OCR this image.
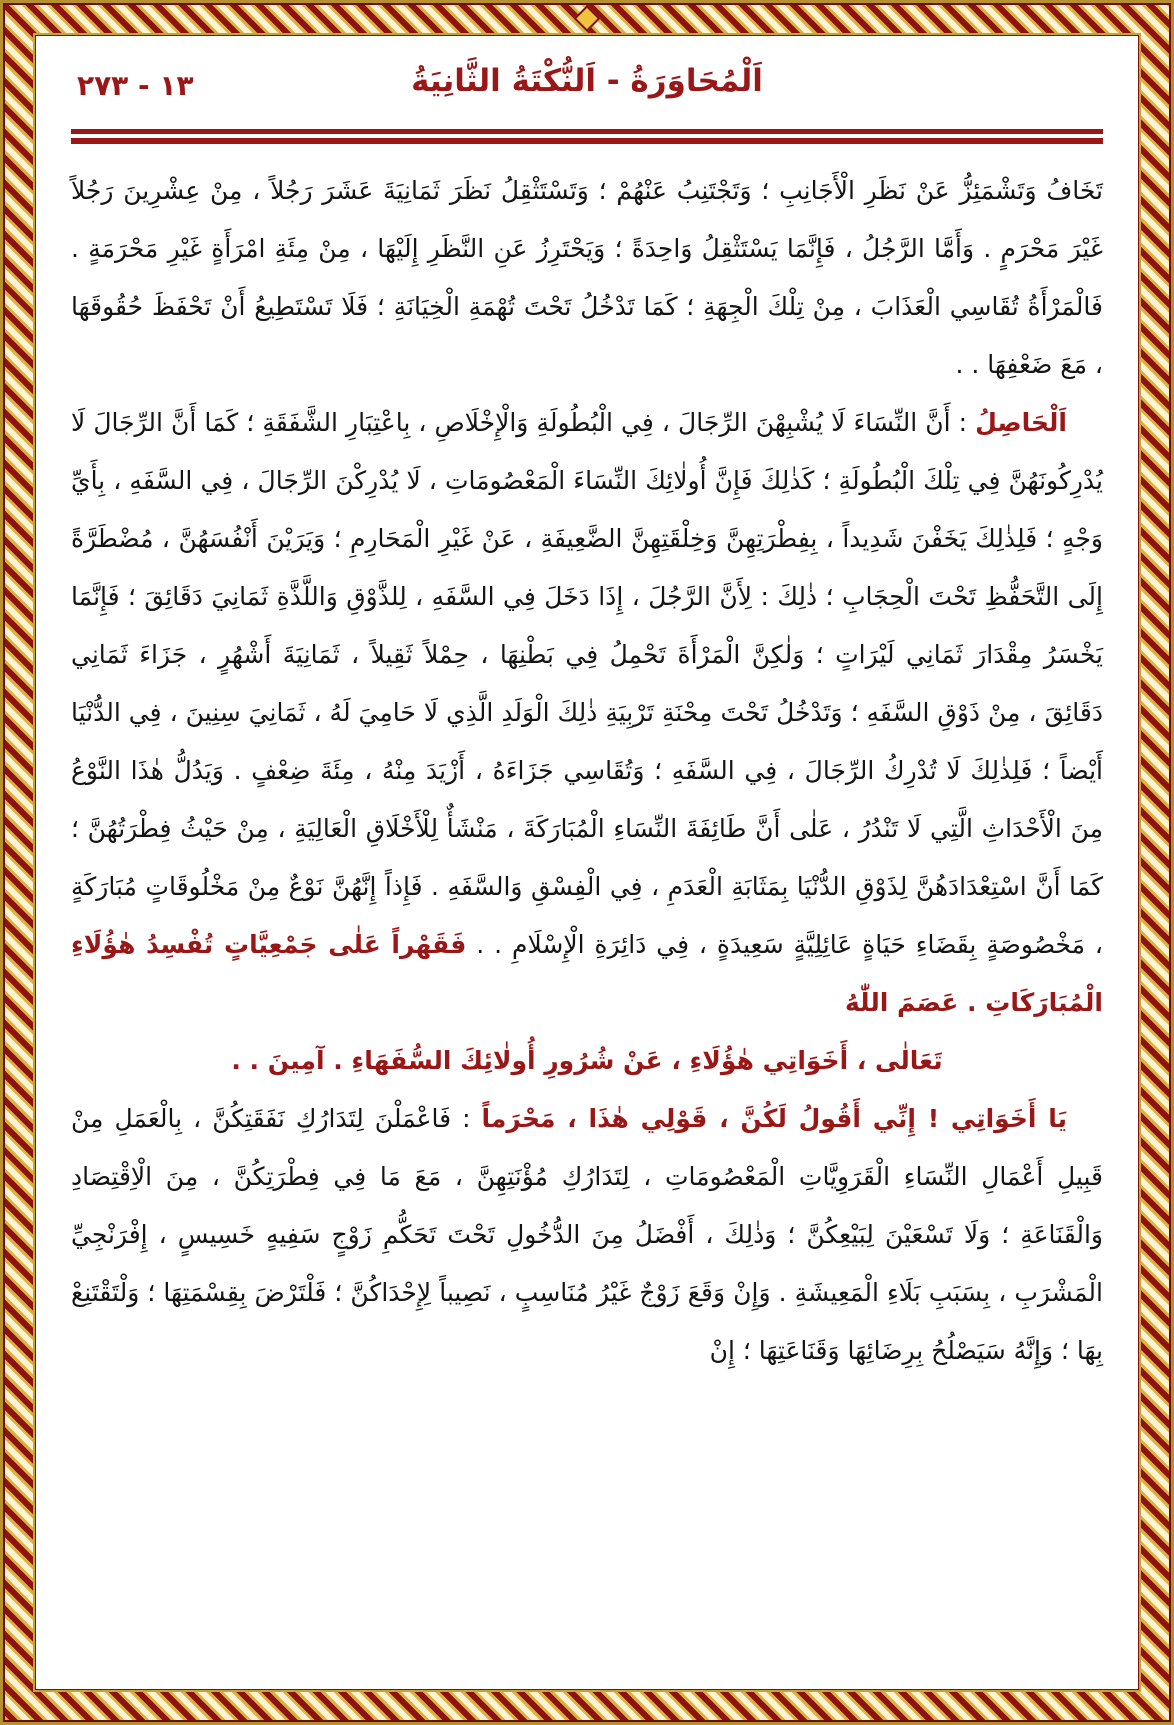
١٣ - ٢٧٣	اَلْمُحَاوَرَةُ - اَلنُّكْتَةُ الثَّانِيَةُ

تَخَافُ وَتَشْمَئِزُّ عَنْ نَظَرِ الْأَجَانِبِ ؛ وَتَجْتَنِبُ عَنْهُمْ ؛ وَتَسْتَثْقِلُ نَظَرَ ثَمَانِيَةَ عَشَرَ رَجُلاً ، مِنْ عِشْرِينَ رَجُلاً غَيْرَ مَحْرَمٍ . وَأَمَّا الرَّجُلُ ، فَإِنَّمَا يَسْتَثْقِلُ وَاحِدَةً ؛ وَيَحْتَرِزُ عَنِ النَّظَرِ إِلَيْهَا ، مِنْ مِئَةِ امْرَأَةٍ غَيْرِ مَحْرَمَةٍ . فَالْمَرْأَةُ تُقَاسِي الْعَذَابَ ، مِنْ تِلْكَ الْجِهَةِ ؛ كَمَا تَدْخُلُ تَحْتَ تُهْمَةِ الْخِيَانَةِ ؛ فَلَا تَسْتَطِيعُ أَنْ تَحْفَظَ حُقُوقَهَا ، مَعَ ضَعْفِهَا . .

اَلْحَاصِلُ : أَنَّ النِّسَاءَ لَا يُشْبِهْنَ الرِّجَالَ ، فِي الْبُطُولَةِ وَالْإِخْلَاصِ ، بِاعْتِبَارِ الشَّفَقَةِ ؛ كَمَا أَنَّ الرِّجَالَ لَا يُدْرِكُونَهُنَّ فِي تِلْكَ الْبُطُولَةِ ؛ كَذٰلِكَ فَإِنَّ أُولٰائِكَ النِّسَاءَ الْمَعْصُومَاتِ ، لَا يُدْرِكْنَ الرِّجَالَ ، فِي السَّفَهِ ، بِأَيِّ وَجْهٍ ؛ فَلِذٰلِكَ يَخَفْنَ شَدِيداً ، بِفِطْرَتِهِنَّ وَخِلْقَتِهِنَّ الضَّعِيفَةِ ، عَنْ غَيْرِ الْمَحَارِمِ ؛ وَيَرَيْنَ أَنْفُسَهُنَّ ، مُضْطَرَّةً إِلَى التَّحَفُّظِ تَحْتَ الْحِجَابِ ؛ ذٰلِكَ : لِأَنَّ الرَّجُلَ ، إِذَا دَخَلَ فِي السَّفَهِ ، لِلذَّوْقِ وَاللَّذَّةِ ثَمَانِيَ دَقَائِقَ ؛ فَإِنَّمَا يَخْسَرُ مِقْدَارَ ثَمَانِي لَيْرَاتٍ ؛ وَلٰكِنَّ الْمَرْأَةَ تَحْمِلُ فِي بَطْنِهَا ، حِمْلاً ثَقِيلاً ، ثَمَانِيَةَ أَشْهُرٍ ، جَزَاءَ ثَمَانِي دَقَائِقَ ، مِنْ ذَوْقِ السَّفَهِ ؛ وَتَدْخُلُ تَحْتَ مِحْنَةِ تَرْبِيَةِ ذٰلِكَ الْوَلَدِ الَّذِي لَا حَامِيَ لَهُ ، ثَمَانِيَ سِنِينَ ، فِي الدُّنْيَا أَيْضاً ؛ فَلِذٰلِكَ لَا تُدْرِكُ الرِّجَالَ ، فِي السَّفَهِ ؛ وَتُقَاسِي جَزَاءَهُ ، أَزْيَدَ مِنْهُ ، مِئَةَ ضِعْفٍ . وَيَدُلُّ هٰذَا النَّوْعُ مِنَ الْأَحْدَاثِ الَّتِي لَا تَنْدُرُ ، عَلٰى أَنَّ طَائِفَةَ النِّسَاءِ الْمُبَارَكَةَ ، مَنْشَأٌ لِلْأَخْلَاقِ الْعَالِيَةِ ، مِنْ حَيْثُ فِطْرَتُهُنَّ ؛ كَمَا أَنَّ اسْتِعْدَادَهُنَّ لِذَوْقِ الدُّنْيَا بِمَثَابَةِ الْعَدَمِ ، فِي الْفِسْقِ وَالسَّفَهِ . فَإِذاً إِنَّهُنَّ نَوْعٌ مِنْ مَخْلُوقَاتٍ مُبَارَكَةٍ ، مَخْصُوصَةٍ بِقَضَاءِ حَيَاةٍ عَائِلِيَّةٍ سَعِيدَةٍ ، فِي دَائِرَةِ الْإِسْلَامِ . . فَقَهْراً عَلٰى جَمْعِيَّاتٍ تُفْسِدُ هٰؤُلَاءِ الْمُبَارَكَاتِ . عَصَمَ اللّٰهُ

تَعَالٰى ، أَخَوَاتِي هٰؤُلَاءِ ، عَنْ شُرُورِ أُولٰائِكَ السُّفَهَاءِ . آمِينَ . .

يَا أَخَوَاتِي ! إِنِّي أَقُولُ لَكُنَّ ، قَوْلِي هٰذَا ، مَحْرَماً : فَاعْمَلْنَ لِتَدَارُكِ نَفَقَتِكُنَّ ، بِالْعَمَلِ مِنْ قَبِيلِ أَعْمَالِ النِّسَاءِ الْقَرَوِيَّاتِ الْمَعْصُومَاتِ ، لِتَدَارُكِ مُؤْنَتِهِنَّ ، مَعَ مَا فِي فِطْرَتِكُنَّ ، مِنَ الْاِقْتِصَادِ وَالْقَنَاعَةِ ؛ وَلَا تَسْعَيْنَ لِبَيْعِكُنَّ ؛ وَذٰلِكَ ، أَفْضَلُ مِنَ الدُّخُولِ تَحْتَ تَحَكُّمِ زَوْجٍ سَفِيهٍ خَسِيسٍ ، إِفْرَنْجِيِّ الْمَشْرَبِ ، بِسَبَبِ بَلَاءِ الْمَعِيشَةِ . وَإِنْ وَقَعَ زَوْجٌ غَيْرُ مُنَاسِبٍ ، نَصِيباً لِإِحْدَاكُنَّ ؛ فَلْتَرْضَ بِقِسْمَتِهَا ؛ وَلْتَقْتَنِعْ بِهَا ؛ وَإِنَّهُ سَيَصْلُحُ بِرِضَائِهَا وَقَنَاعَتِهَا ؛ إِنْ
